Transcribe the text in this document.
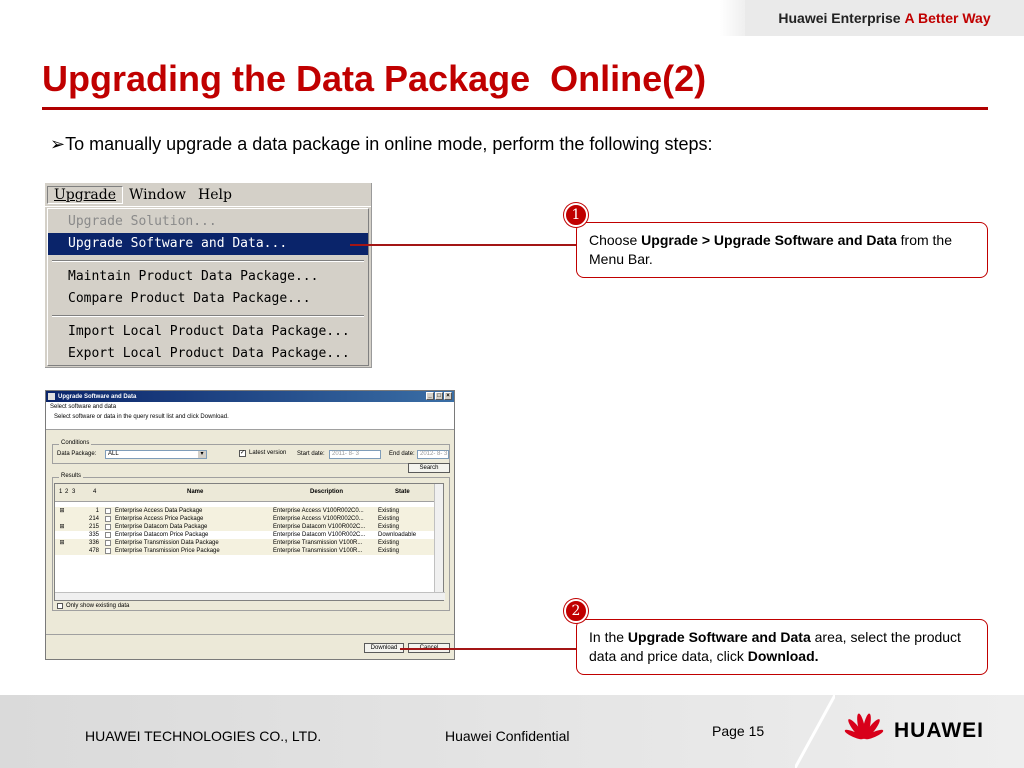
Huawei Enterprise A Better Way
Upgrading the Data Package  Online(2)
➢To manually upgrade a data package in online mode, perform the following steps:
Upgrade Window Help
Upgrade Solution...
Upgrade Software and Data...
Maintain Product Data Package...
Compare Product Data Package...
Import Local Product Data Package...
Export Local Product Data Package...
Choose Upgrade > Upgrade Software and Data from the Menu Bar.
1
Upgrade Software and Data	_ □ ×
Select software and data
Select software or data in the query result list and click Download.
Conditions
Data Package:	ALL	▾	✓ Latest version Start date:	2011- 8- 3	End date: 2012- 8- 3
Search
Results
1 2 3	4	Name	Description	State
⊞	1	Enterprise Access Data Package	Enterprise Access V100R002C0...	Existing
214	Enterprise Access Price Package	Enterprise Access V100R002C0...	Existing
⊞	215	Enterprise Datacom Data Package	Enterprise Datacom V100R002C...	Existing
335	Enterprise Datacom Price Package	Enterprise Datacom V100R002C...	Downloadable
⊞	336	Enterprise Transmission Data Package	Enterprise Transmission V100R...	Existing
478	Enterprise Transmission Price Package	Enterprise Transmission V100R...	Existing
Only show existing data
Download
In the Upgrade Software and Data area, select the product data and price data, click Download.
2
HUAWEI TECHNOLOGIES CO., LTD.	Huawei Confidential	Page 15	HUAWEI
